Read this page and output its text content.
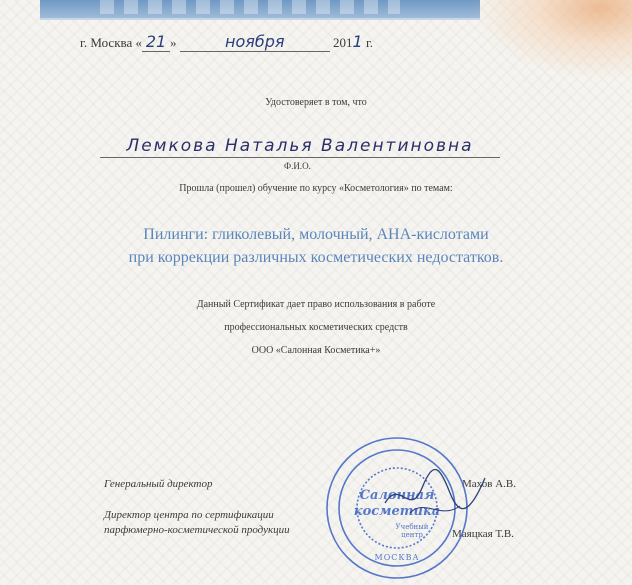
г. Москва « 21 »	ноября	2011 г.
Удостоверяет в том, что
Лемкова Наталья Валентиновна
Ф.И.О.
Прошла (прошел) обучение по курсу «Косметология» по темам:
Пилинги: гликолевый, молочный, АНА-кислотами
при коррекции различных косметических недостатков.
Данный Сертификат дает право использования в работе
профессиональных косметических средств
ООО «Салонная Косметика+»
Генеральный директор	Махов А.В.
Директор центра по сертификации
парфюмерно-косметической продукции	Маяцкая Т.В.
Салонная
косметика
Учебный
центр
МОСКВА
